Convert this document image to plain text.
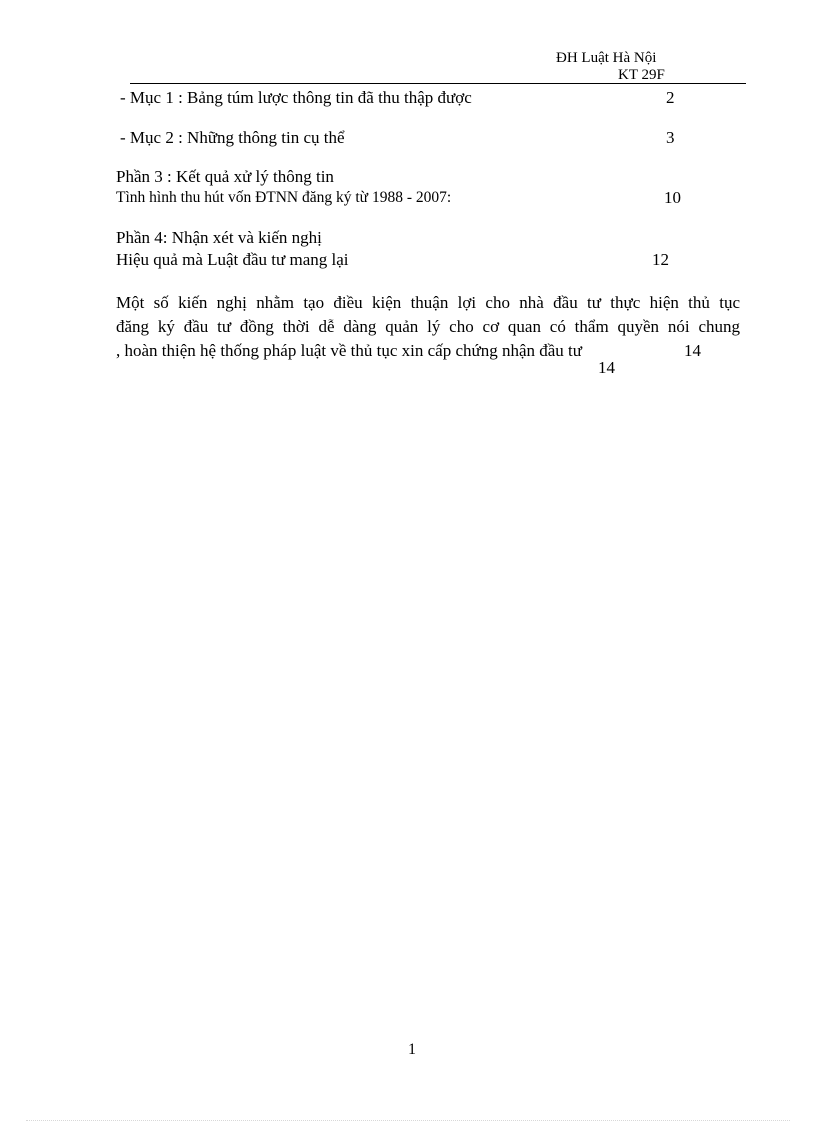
ĐH Luật Hà Nội
KT 29F
- Mục 1 : Bảng túm lược thông tin đã thu thập được	2
- Mục 2 : Những thông tin cụ thể	3
Phần 3 : Kết quả xử lý thông tin
Tình hình thu hút vốn ĐTNN đăng ký từ 1988 - 2007:	10
Phần 4: Nhận xét và kiến nghị
Hiệu quả mà Luật đầu tư mang lại	12

Một số kiến nghị nhằm tạo điều kiện thuận lợi cho nhà đầu tư thực hiện thủ tục

đăng ký đầu tư đồng thời dễ dàng quản lý cho cơ quan có thẩm quyền nói chung

, hoàn thiện hệ thống pháp luật về thủ tục xin cấp chứng nhận đầu tư	14

14
1
